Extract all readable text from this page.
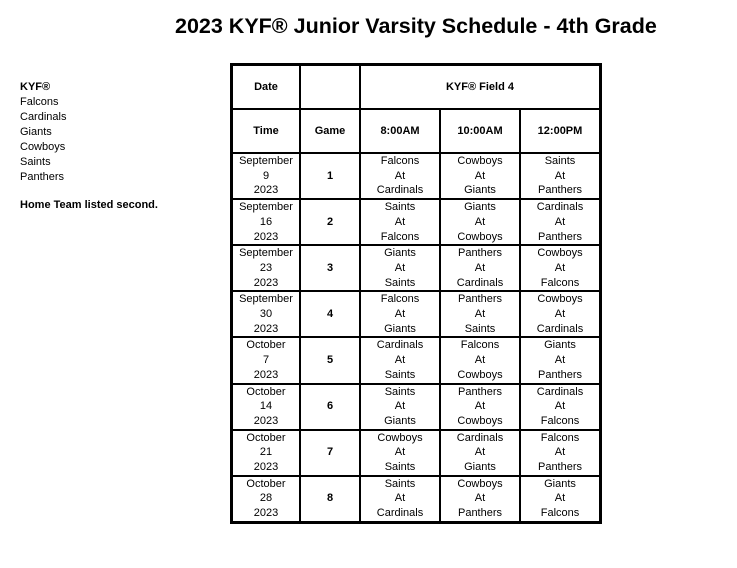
2023 KYF® Junior Varsity Schedule - 4th Grade
KYF®
Falcons
Cardinals
Giants
Cowboys
Saints
Panthers
Home Team listed second.
Date		KYF® Field 4		
Time	Game	8:00AM	10:00AM	12:00PM

September
9
2023	1	Falcons
At
Cardinals	Cowboys
At
Giants	Saints
At
Panthers

September
16
2023	2	Saints
At
Falcons	Giants
At
Cowboys	Cardinals
At
Panthers

September
23
2023	3	Giants
At
Saints	Panthers
At
Cardinals	Cowboys
At
Falcons

September
30
2023	4	Falcons
At
Giants	Panthers
At
Saints	Cowboys
At
Cardinals

October
7
2023	5	Cardinals
At
Saints	Falcons
At
Cowboys	Giants
At
Panthers

October
14
2023	6	Saints
At
Giants	Panthers
At
Cowboys	Cardinals
At
Falcons

October
21
2023	7	Cowboys
At
Saints	Cardinals
At
Giants	Falcons
At
Panthers

October
28
2023	8	Saints
At
Cardinals	Cowboys
At
Panthers	Giants
At
Falcons
